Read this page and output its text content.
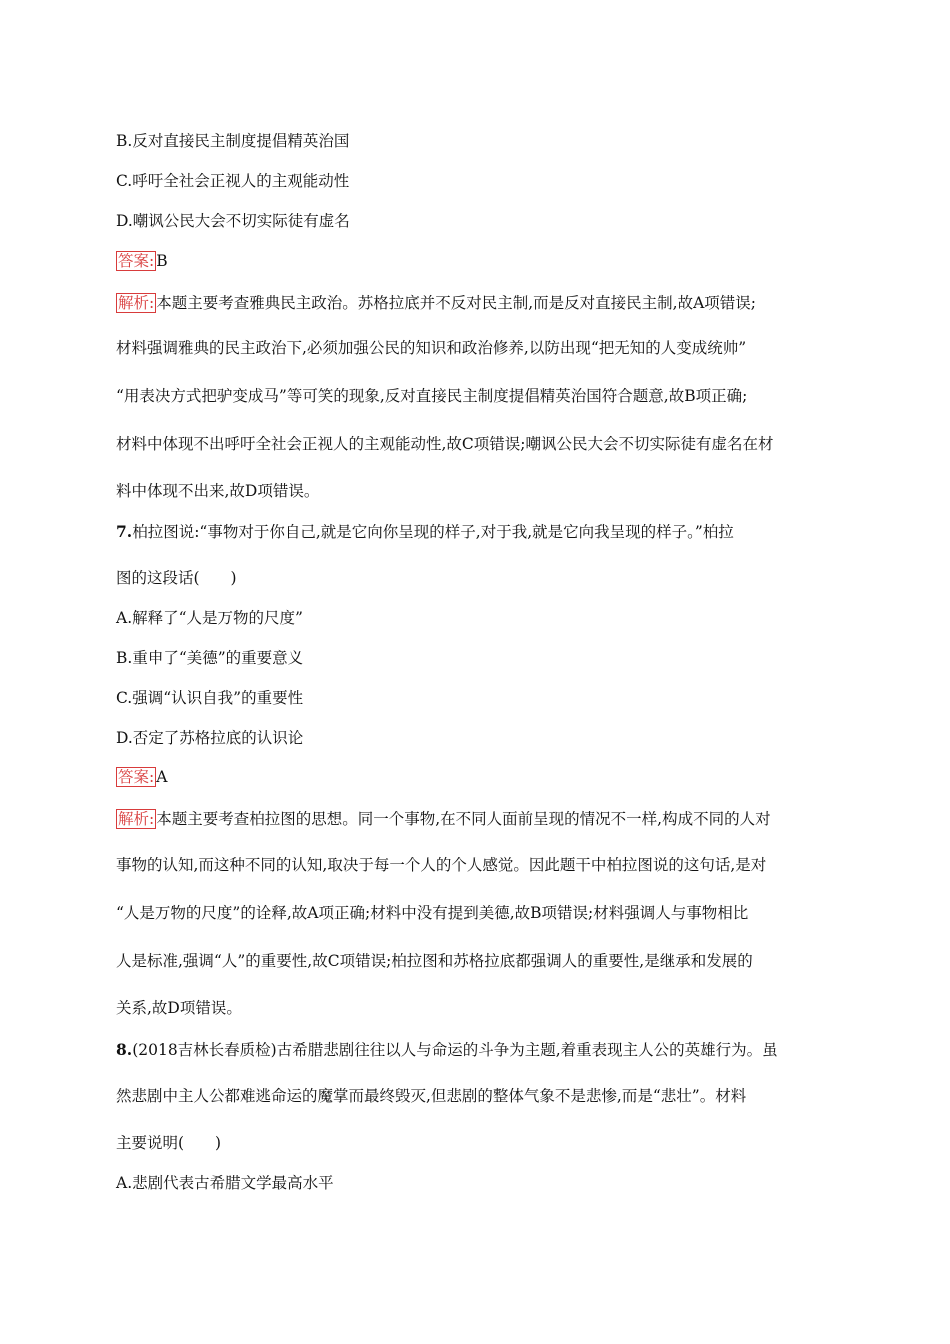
B.反对直接民主制度提倡精英治国
C.呼吁全社会正视人的主观能动性
D.嘲讽公民大会不切实际徒有虚名
答案: B
解析: 本题主要考查雅典民主政治。苏格拉底并不反对民主制,而是反对直接民主制,故A项错误;
材料强调雅典的民主政治下,必须加强公民的知识和政治修养,以防出现“把无知的人变成统帅”
“用表决方式把驴变成马”等可笑的现象,反对直接民主制度提倡精英治国符合题意,故B项正确;
材料中体现不出呼吁全社会正视人的主观能动性,故C项错误;嘲讽公民大会不切实际徒有虚名在材
料中体现不出来,故D项错误。
7.柏拉图说:“事物对于你自己,就是它向你呈现的样子,对于我,就是它向我呈现的样子。”柏拉
图的这段话(　　)
A.解释了“人是万物的尺度”
B.重申了“美德”的重要意义
C.强调“认识自我”的重要性
D.否定了苏格拉底的认识论
答案: A
解析: 本题主要考查柏拉图的思想。同一个事物,在不同人面前呈现的情况不一样,构成不同的人对
事物的认知,而这种不同的认知,取决于每一个人的个人感觉。因此题干中柏拉图说的这句话,是对
“人是万物的尺度”的诠释,故A项正确;材料中没有提到美德,故B项错误;材料强调人与事物相比
人是标准,强调“人”的重要性,故C项错误;柏拉图和苏格拉底都强调人的重要性,是继承和发展的
关系,故D项错误。
8.(2018吉林长春质检)古希腊悲剧往往以人与命运的斗争为主题,着重表现主人公的英雄行为。虽
然悲剧中主人公都难逃命运的魔掌而最终毁灭,但悲剧的整体气象不是悲惨,而是“悲壮”。材料
主要说明(　　)
A.悲剧代表古希腊文学最高水平
